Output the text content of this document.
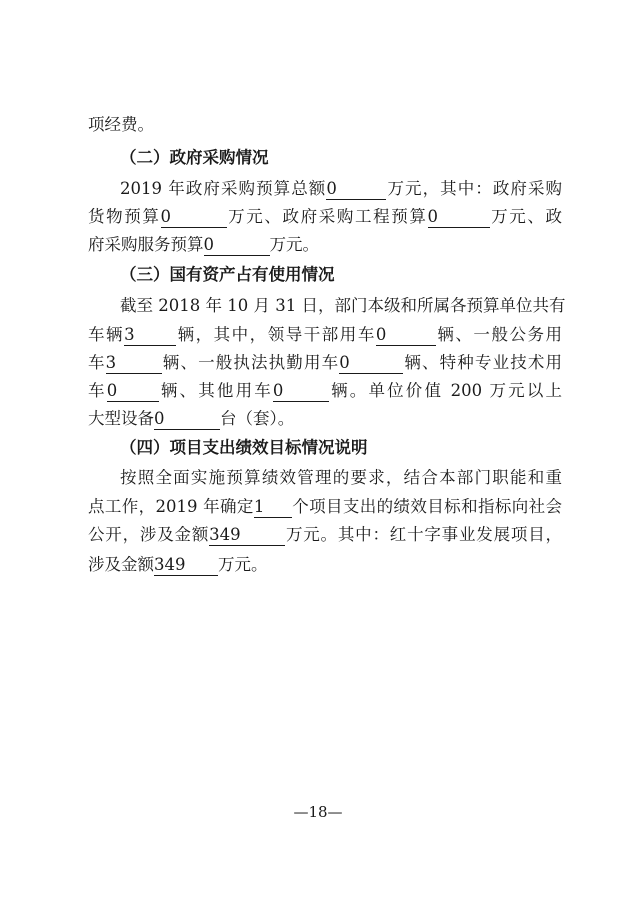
项经费。
（二）政府采购情况
2019 年政府采购预算总额0	万元，其中：政府采购
货物预算0	万元、政府采购工程预算0	万元、政
府采购服务预算0	万元。
（三）国有资产占有使用情况
截至 2018 年 10 月 31 日，部门本级和所属各预算单位共有
车辆3	辆，其中，领导干部用车0	辆、一般公务用
车3	辆、一般执法执勤用车0	辆、特种专业技术用
车0	辆、其他用车0	辆。单位价值 200 万元以上
大型设备0	台（套）。
（四）项目支出绩效目标情况说明
按照全面实施预算绩效管理的要求，结合本部门职能和重
点工作，2019 年确定1 个项目支出的绩效目标和指标向社会
公开，涉及金额349	万元。其中：红十字事业发展项目，
涉及金额349 万元。
—18—
